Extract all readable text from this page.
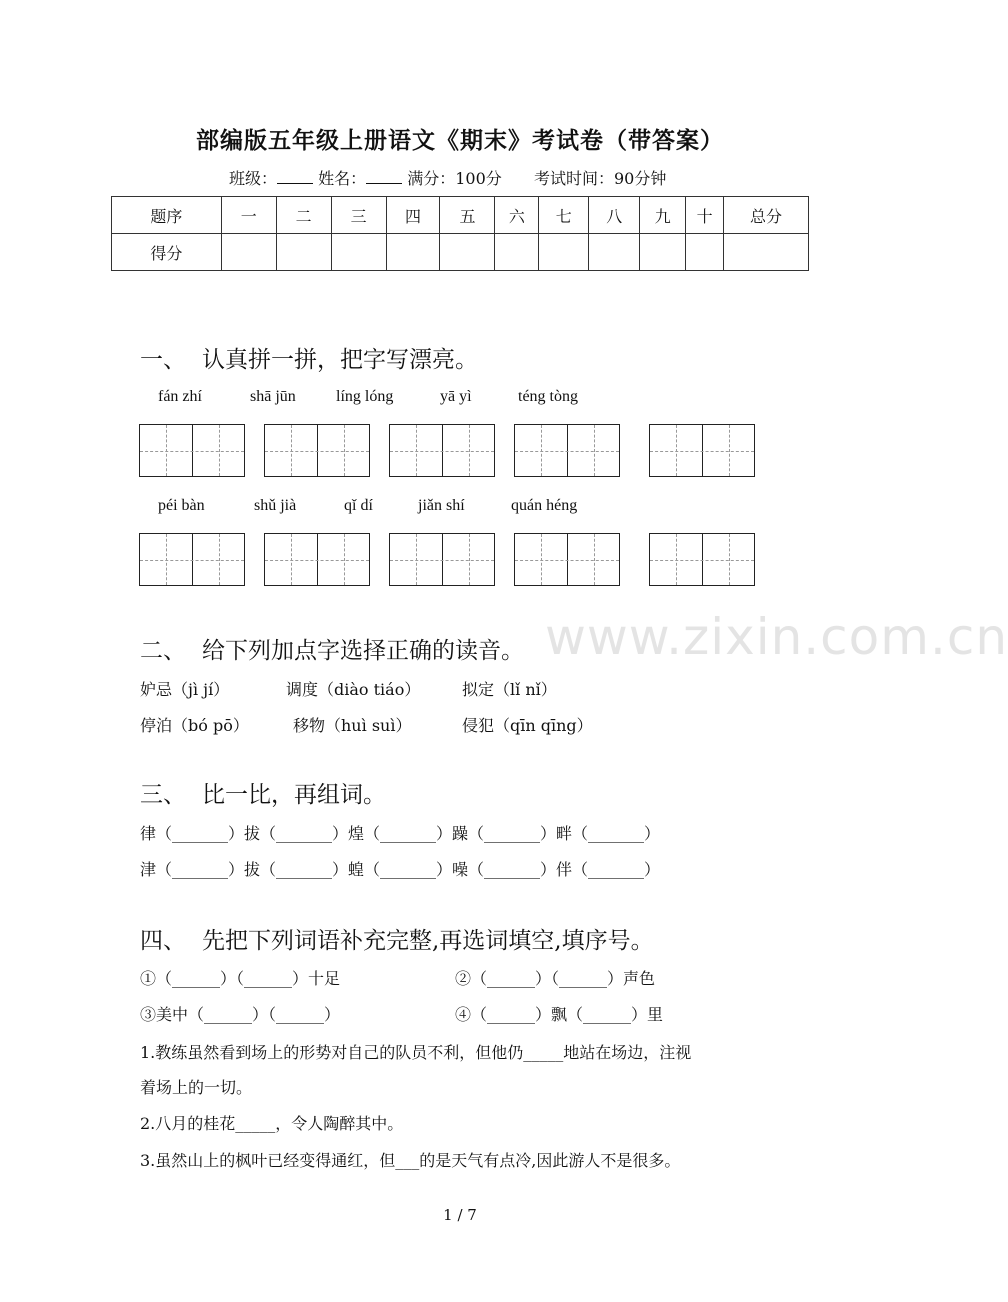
部编版五年级上册语文《期末》考试卷（带答案）
班级：	姓名：	满分：100分 考试时间：90分钟
题序	一	二	三	四	五	六	七	八	九	十	总分
得分											
一、 认真拼一拼，把字写漂亮。
fán zhí	shā jūn	líng lóng	yā yì	téng tòng
péi bàn	shǔ jià	qǐ dí	jiǎn shí	quán héng
www.zixin.com.cn
二、 给下列加点字选择正确的读音。
妒忌（jì jí）	调度（diào tiáo）	拟定（lǐ nǐ）
停泊（bó pō）	移物（huì suì）	侵犯（qīn qīng）
三、 比一比，再组词。
律（_______）拔（_______）煌（_______）躁（_______）畔（_______）
津（_______）拔（_______）蝗（_______）噪（_______）伴（_______）
四、 先把下列词语补充完整,再选词填空,填序号。
①（______）（______）十足	②（______）（______）声色
③美中（______）（______）	④（______）飘（______）里
1.教练虽然看到场上的形势对自己的队员不利，但他仍_____地站在场边，注视
着场上的一切。
2.八月的桂花_____，令人陶醉其中。
3.虽然山上的枫叶已经变得通红，但___的是天气有点冷,因此游人不是很多。
1 / 7
